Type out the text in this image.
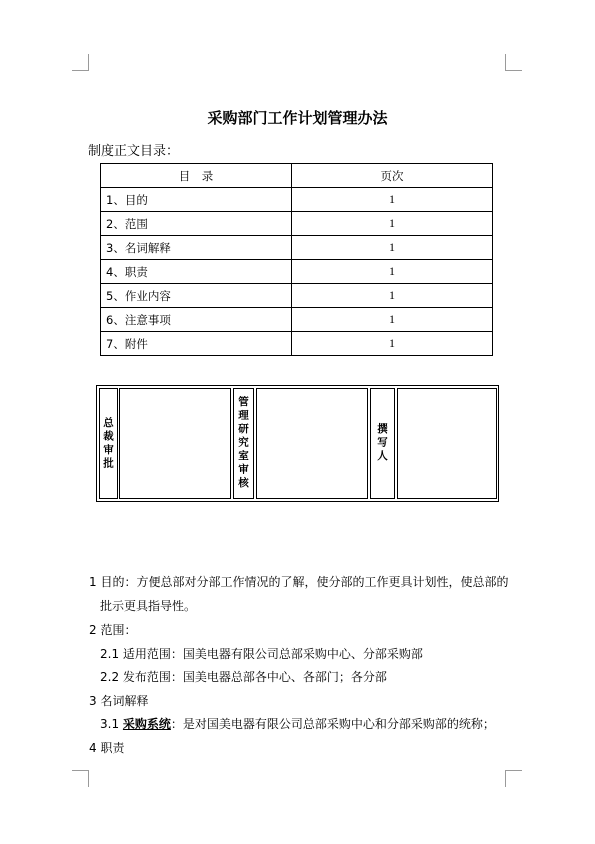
采购部门工作计划管理办法
制度正文目录：
目　录	页次
1、目的	1
2、范围	1
3、名词解释	1
4、职责	1
5、作业内容	1
6、注意事项	1
7、附件	1
总裁审批	管理研究室审核	撰写人
1 目的：方便总部对分部工作情况的了解，使分部的工作更具计划性，使总部的
批示更具指导性。
2 范围：
2.1 适用范围：国美电器有限公司总部采购中心、分部采购部
2.2 发布范围：国美电器总部各中心、各部门；各分部
3 名词解释
3.1 采购系统：是对国美电器有限公司总部采购中心和分部采购部的统称；
4 职责
